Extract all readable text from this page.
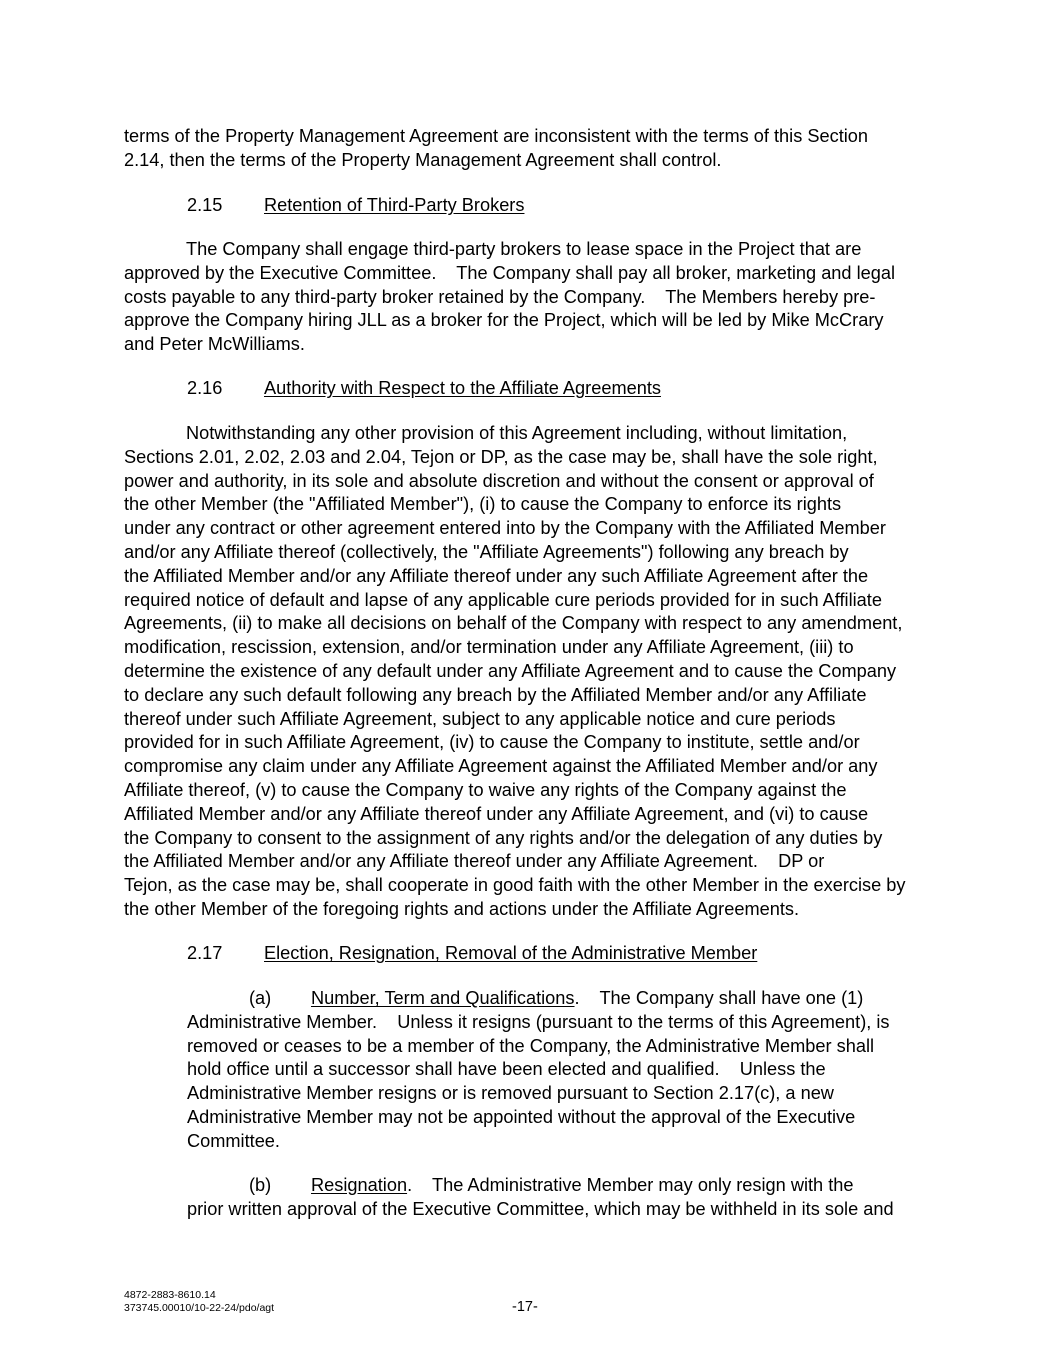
terms of the Property Management Agreement are inconsistent with the terms of this Section
2.14, then the terms of the Property Management Agreement shall control.
2.15 Retention of Third-Party Brokers
The Company shall engage third-party brokers to lease space in the Project that are
approved by the Executive Committee.    The Company shall pay all broker, marketing and legal
costs payable to any third-party broker retained by the Company.    The Members hereby pre-
approve the Company hiring JLL as a broker for the Project, which will be led by Mike McCrary
and Peter McWilliams.
2.16 Authority with Respect to the Affiliate Agreements
Notwithstanding any other provision of this Agreement including, without limitation,
Sections 2.01, 2.02, 2.03 and 2.04, Tejon or DP, as the case may be, shall have the sole right,
power and authority, in its sole and absolute discretion and without the consent or approval of
the other Member (the "Affiliated Member"), (i) to cause the Company to enforce its rights
under any contract or other agreement entered into by the Company with the Affiliated Member
and/or any Affiliate thereof (collectively, the "Affiliate Agreements") following any breach by
the Affiliated Member and/or any Affiliate thereof under any such Affiliate Agreement after the
required notice of default and lapse of any applicable cure periods provided for in such Affiliate
Agreements, (ii) to make all decisions on behalf of the Company with respect to any amendment,
modification, rescission, extension, and/or termination under any Affiliate Agreement, (iii) to
determine the existence of any default under any Affiliate Agreement and to cause the Company
to declare any such default following any breach by the Affiliated Member and/or any Affiliate
thereof under such Affiliate Agreement, subject to any applicable notice and cure periods
provided for in such Affiliate Agreement, (iv) to cause the Company to institute, settle and/or
compromise any claim under any Affiliate Agreement against the Affiliated Member and/or any
Affiliate thereof, (v) to cause the Company to waive any rights of the Company against the
Affiliated Member and/or any Affiliate thereof under any Affiliate Agreement, and (vi) to cause
the Company to consent to the assignment of any rights and/or the delegation of any duties by
the Affiliated Member and/or any Affiliate thereof under any Affiliate Agreement.    DP or
Tejon, as the case may be, shall cooperate in good faith with the other Member in the exercise by
the other Member of the foregoing rights and actions under the Affiliate Agreements.
2.17 Election, Resignation, Removal of the Administrative Member
(a) Number, Term and Qualifications.    The Company shall have one (1)
Administrative Member.    Unless it resigns (pursuant to the terms of this Agreement), is
removed or ceases to be a member of the Company, the Administrative Member shall
hold office until a successor shall have been elected and qualified.    Unless the
Administrative Member resigns or is removed pursuant to Section 2.17(c), a new
Administrative Member may not be appointed without the approval of the Executive
Committee.
(b) Resignation.    The Administrative Member may only resign with the
prior written approval of the Executive Committee, which may be withheld in its sole and
4872-2883-8610.14
373745.00010/10-22-24/pdo/agt	-17-
